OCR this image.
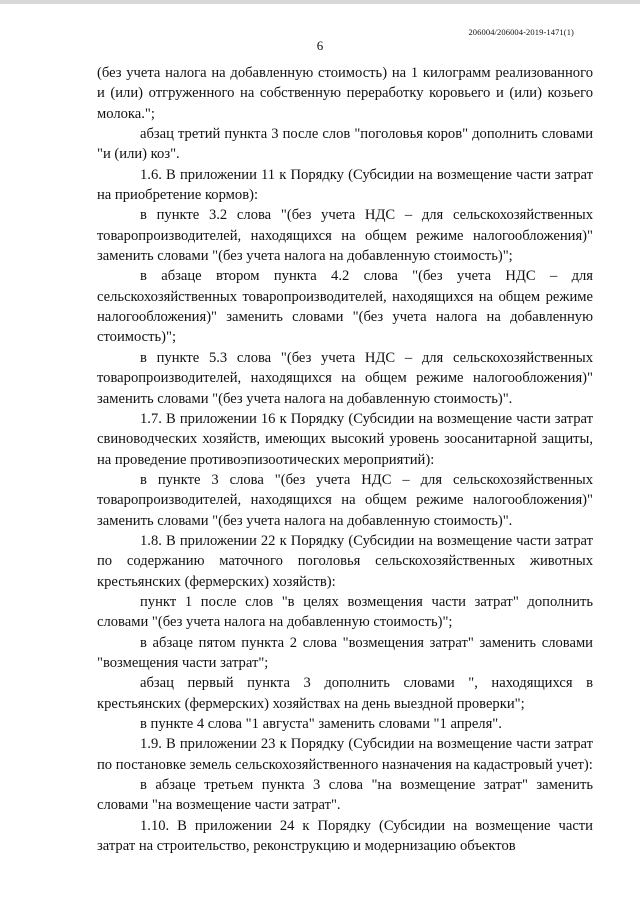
206004/206004-2019-1471(1)
6

(без учета налога на добавленную стоимость) на 1 килограмм реализованного и (или) отгруженного на собственную переработку коровьего и (или) козьего молока.";

абзац третий пункта 3 после слов "поголовья коров" дополнить словами "и (или) коз".

1.6. В приложении 11 к Порядку (Субсидии на возмещение части затрат на приобретение кормов):

в пункте 3.2 слова "(без учета НДС – для сельскохозяйственных товаропроизводителей, находящихся на общем режиме налогообложения)" заменить словами "(без учета налога на добавленную стоимость)";

в абзаце втором пункта 4.2 слова "(без учета НДС – для сельскохозяйственных товаропроизводителей, находящихся на общем режиме налогообложения)" заменить словами "(без учета налога на добавленную стоимость)";

в пункте 5.3 слова "(без учета НДС – для сельскохозяйственных товаропроизводителей, находящихся на общем режиме налогообложения)" заменить словами "(без учета налога на добавленную стоимость)".

1.7. В приложении 16 к Порядку (Субсидии на возмещение части затрат свиноводческих хозяйств, имеющих высокий уровень зоосанитарной защиты, на проведение противоэпизоотических мероприятий):

в пункте 3 слова "(без учета НДС – для сельскохозяйственных товаропроизводителей, находящихся на общем режиме налогообложения)" заменить словами "(без учета налога на добавленную стоимость)".

1.8. В приложении 22 к Порядку (Субсидии на возмещение части затрат по содержанию маточного поголовья сельскохозяйственных животных крестьянских (фермерских) хозяйств):

пункт 1 после слов "в целях возмещения части затрат" дополнить словами "(без учета налога на добавленную стоимость)";

в абзаце пятом пункта 2 слова "возмещения затрат" заменить словами "возмещения части затрат";

абзац первый пункта 3 дополнить словами ", находящихся в крестьянских (фермерских) хозяйствах на день выездной проверки";

в пункте 4 слова "1 августа" заменить словами "1 апреля".

1.9. В приложении 23 к Порядку (Субсидии на возмещение части затрат по постановке земель сельскохозяйственного назначения на кадастровый учет):

в абзаце третьем пункта 3 слова "на возмещение затрат" заменить словами "на возмещение части затрат".

1.10. В приложении 24 к Порядку (Субсидии на возмещение части затрат на строительство, реконструкцию и модернизацию объектов
